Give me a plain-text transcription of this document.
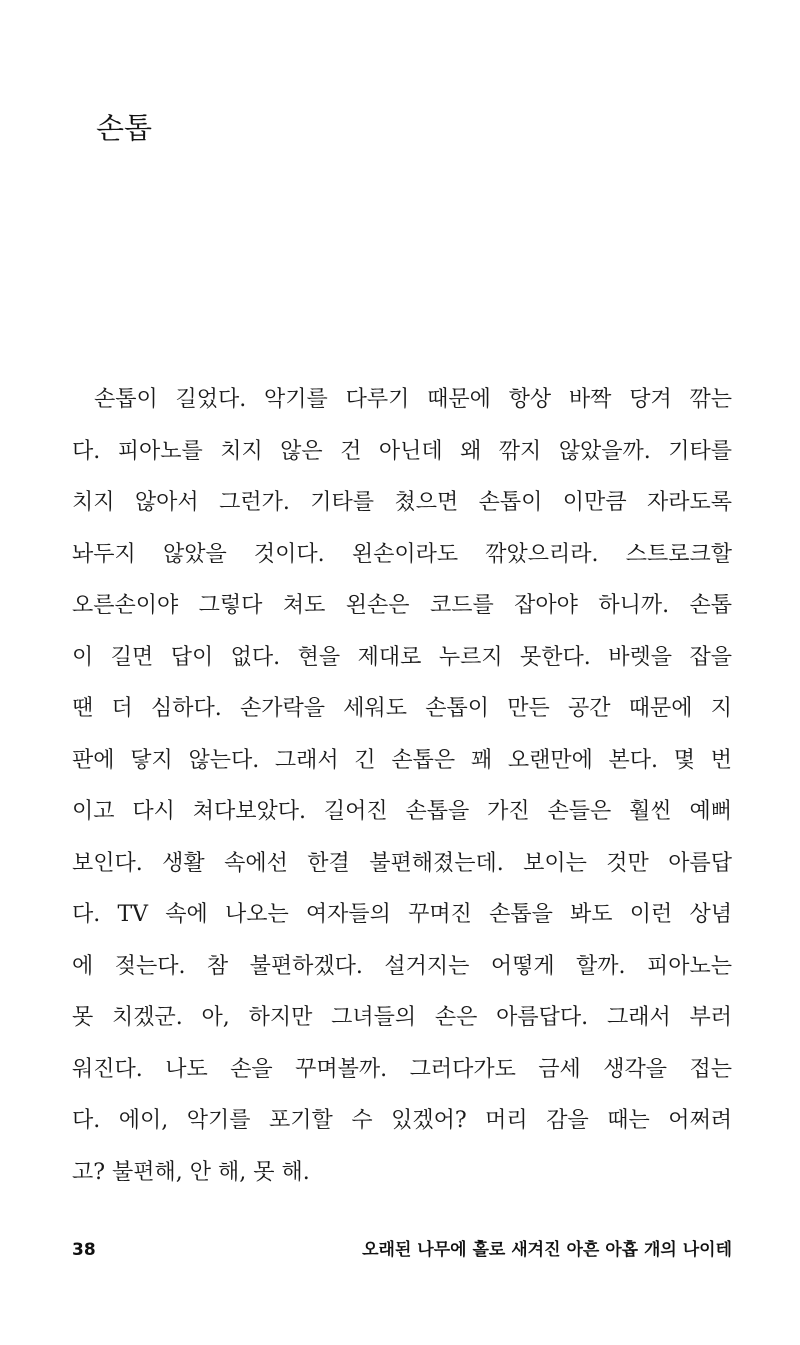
손톱
손톱이 길었다. 악기를 다루기 때문에 항상 바짝 당겨 깎는
다. 피아노를 치지 않은 건 아닌데 왜 깎지 않았을까. 기타를
치지 않아서 그런가. 기타를 쳤으면 손톱이 이만큼 자라도록
놔두지 않았을 것이다. 왼손이라도 깎았으리라. 스트로크할
오른손이야 그렇다 쳐도 왼손은 코드를 잡아야 하니까. 손톱
이 길면 답이 없다. 현을 제대로 누르지 못한다. 바렛을 잡을
땐 더 심하다. 손가락을 세워도 손톱이 만든 공간 때문에 지
판에 닿지 않는다. 그래서 긴 손톱은 꽤 오랜만에 본다. 몇 번
이고 다시 쳐다보았다. 길어진 손톱을 가진 손들은 훨씬 예뻐
보인다. 생활 속에선 한결 불편해졌는데. 보이는 것만 아름답
다. TV 속에 나오는 여자들의 꾸며진 손톱을 봐도 이런 상념
에 젖는다. 참 불편하겠다. 설거지는 어떻게 할까. 피아노는
못 치겠군. 아, 하지만 그녀들의 손은 아름답다. 그래서 부러
워진다. 나도 손을 꾸며볼까. 그러다가도 금세 생각을 접는
다. 에이, 악기를 포기할 수 있겠어? 머리 감을 때는 어쩌려
고? 불편해, 안 해, 못 해.
38	오래된 나무에 홀로 새겨진 아흔 아홉 개의 나이테
